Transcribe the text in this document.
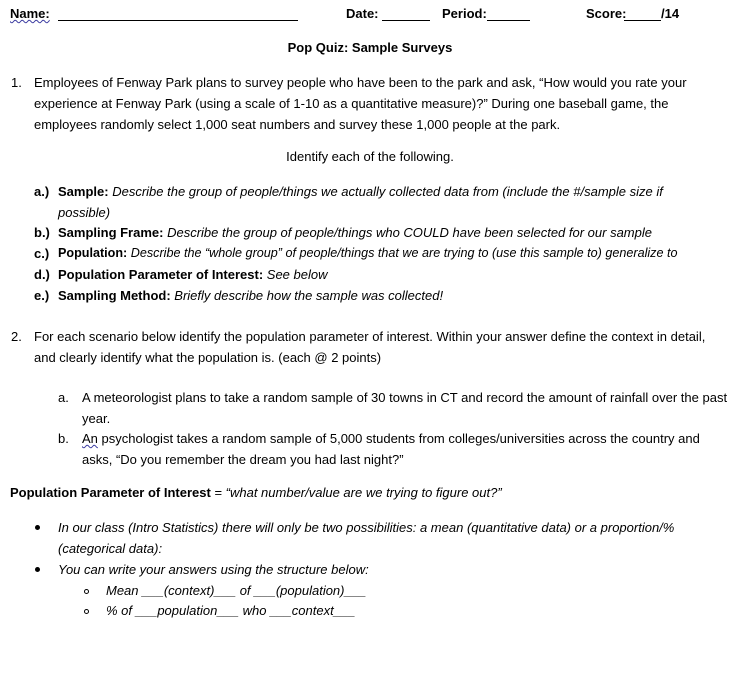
Name:	Date:	Period:	Score:	/14
Pop Quiz: Sample Surveys
1. Employees of Fenway Park plans to survey people who have been to the park and ask, “How would you rate your experience at Fenway Park (using a scale of 1-10 as a quantitative measure)?” During one baseball game, the employees randomly select 1,000 seat numbers and survey these 1,000 people at the park.
Identify each of the following.
a.) Sample: Describe the group of people/things we actually collected data from (include the #/sample size if possible)
b.) Sampling Frame: Describe the group of people/things who COULD have been selected for our sample
c.) Population: Describe the “whole group” of people/things that we are trying to (use this sample to) generalize to
d.) Population Parameter of Interest: See below
e.) Sampling Method: Briefly describe how the sample was collected!
2. For each scenario below identify the population parameter of interest. Within your answer define the context in detail, and clearly identify what the population is. (each @ 2 points)
a. A meteorologist plans to take a random sample of 30 towns in CT and record the amount of rainfall over the past year.
b. An psychologist takes a random sample of 5,000 students from colleges/universities across the country and asks, “Do you remember the dream you had last night?”
Population Parameter of Interest = “what number/value are we trying to figure out?”
In our class (Intro Statistics) there will only be two possibilities: a mean (quantitative data) or a proportion/% (categorical data):
You can write your answers using the structure below:
Mean ___(context)___ of ___(population)___
% of ___population___ who ___context___
